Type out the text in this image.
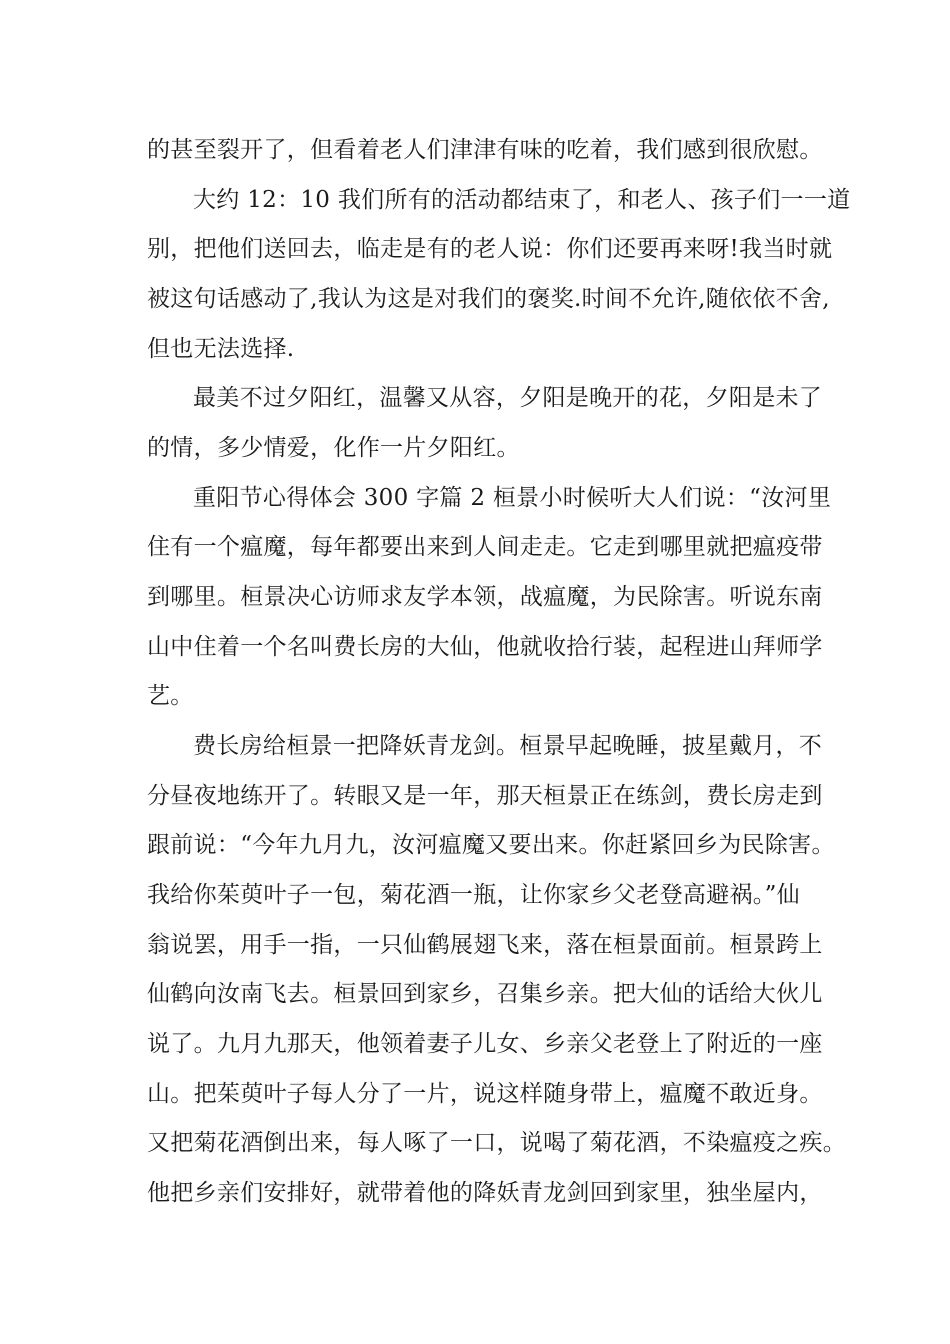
的甚至裂开了，但看着老人们津津有味的吃着，我们感到很欣慰。
大约 12：10 我们所有的活动都结束了，和老人、孩子们一一道
别，把他们送回去，临走是有的老人说：你们还要再来呀!我当时就
被这句话感动了,我认为这是对我们的褒奖.时间不允许,随依依不舍,
但也无法选择.
最美不过夕阳红，温馨又从容，夕阳是晚开的花，夕阳是未了
的情，多少情爱，化作一片夕阳红。
重阳节心得体会 300 字篇 2 桓景小时候听大人们说：“汝河里
住有一个瘟魔，每年都要出来到人间走走。它走到哪里就把瘟疫带
到哪里。桓景决心访师求友学本领，战瘟魔，为民除害。听说东南
山中住着一个名叫费长房的大仙，他就收拾行装，起程进山拜师学
艺。
费长房给桓景一把降妖青龙剑。桓景早起晚睡，披星戴月，不
分昼夜地练开了。转眼又是一年，那天桓景正在练剑，费长房走到
跟前说：“今年九月九，汝河瘟魔又要出来。你赶紧回乡为民除害。
我给你茱萸叶子一包，菊花酒一瓶，让你家乡父老登高避祸。”仙
翁说罢，用手一指，一只仙鹤展翅飞来，落在桓景面前。桓景跨上
仙鹤向汝南飞去。桓景回到家乡，召集乡亲。把大仙的话给大伙儿
说了。九月九那天，他领着妻子儿女、乡亲父老登上了附近的一座
山。把茱萸叶子每人分了一片，说这样随身带上，瘟魔不敢近身。
又把菊花酒倒出来，每人啄了一口，说喝了菊花酒，不染瘟疫之疾。
他把乡亲们安排好，就带着他的降妖青龙剑回到家里，独坐屋内，
